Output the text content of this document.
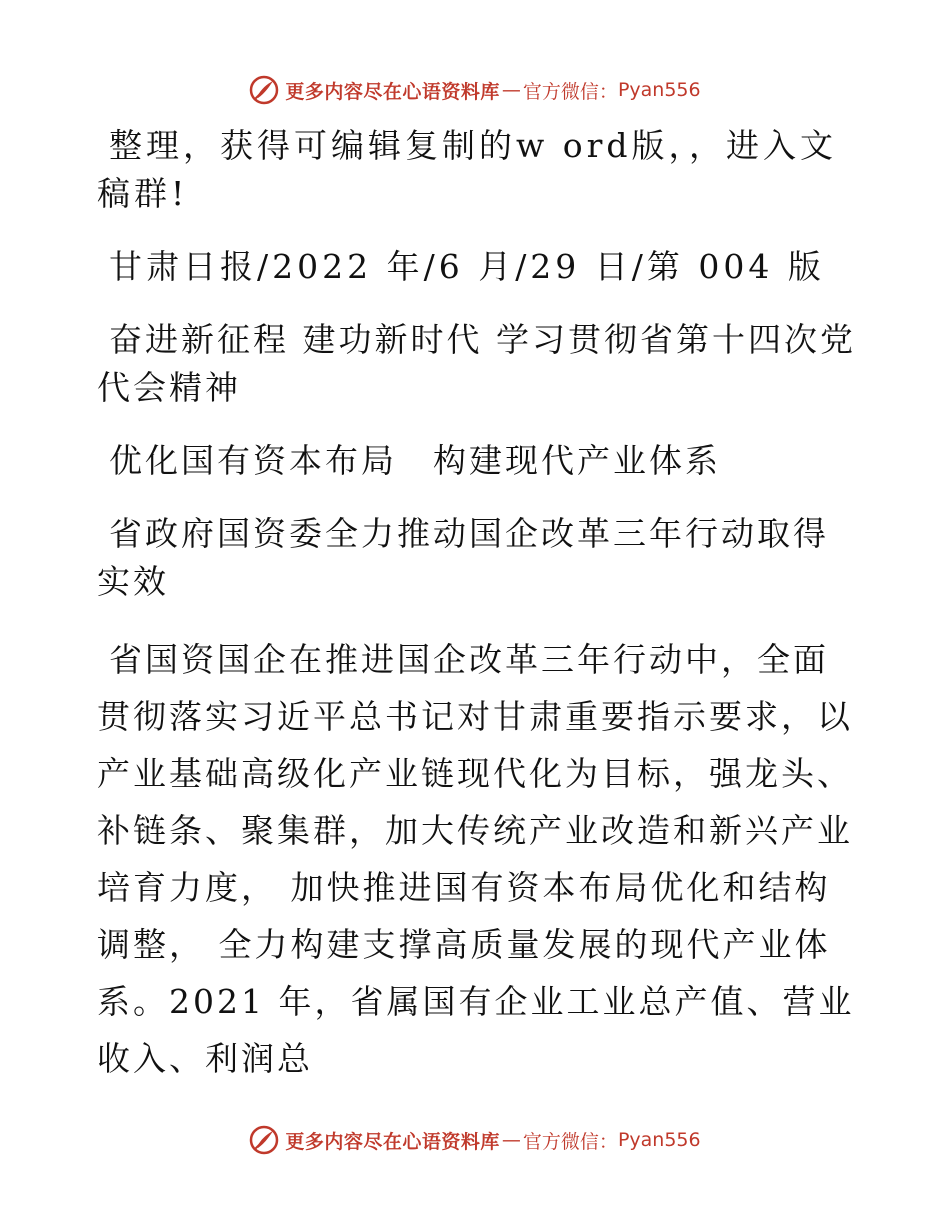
更多内容尽在心语资料库 — 官方微信： Pyan556

整理，获得可编辑复制的w ord版，，进入文稿群!

甘肃日报/2022 年/6 月/29 日/第 004 版

奋进新征程 建功新时代 学习贯彻省第十四次党代会精神

优化国有资本布局　构建现代产业体系

省政府国资委全力推动国企改革三年行动取得实效

省国资国企在推进国企改革三年行动中，全面贯彻落实习近平总书记对甘肃重要指示要求，以产业基础高级化产业链现代化为目标，强龙头、补链条、聚集群，加大传统产业改造和新兴产业培育力度， 加快推进国有资本布局优化和结构调整， 全力构建支撑高质量发展的现代产业体系。2021 年，省属国有企业工业总产值、营业收入、利润总

更多内容尽在心语资料库 — 官方微信： Pyan556
